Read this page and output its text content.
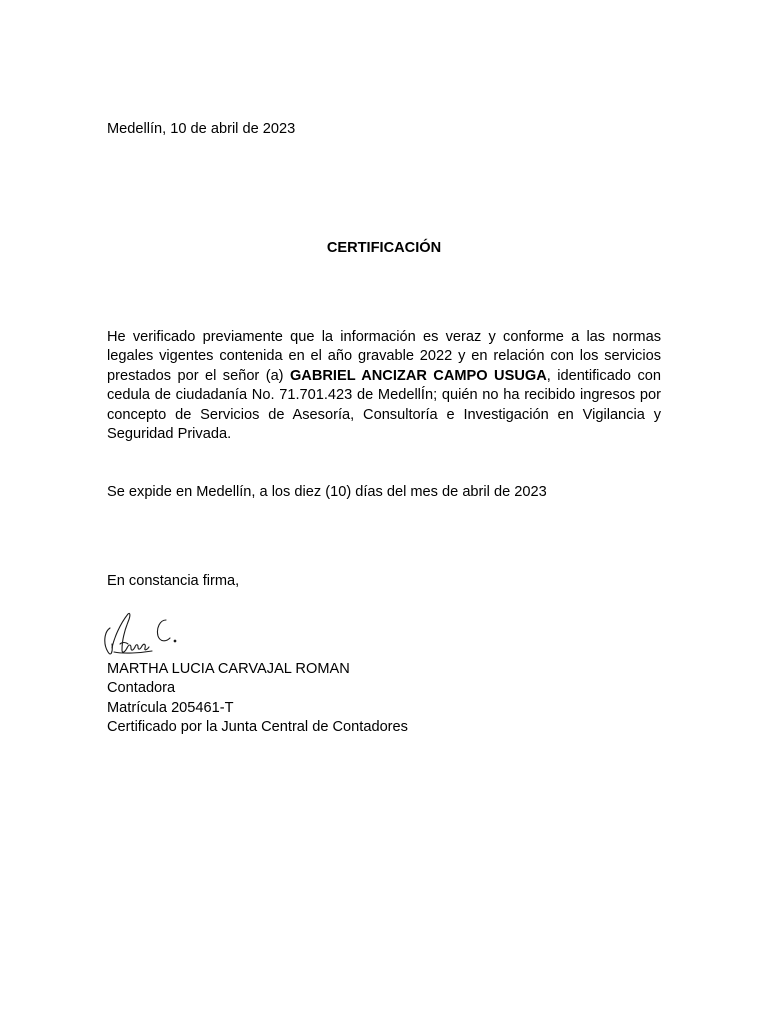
Medellín, 10 de abril de 2023
CERTIFICACIÓN

He verificado previamente que la información es veraz y conforme a las normas legales vigentes contenida en el año gravable 2022 y en relación con los servicios prestados por el señor (a) GABRIEL ANCIZAR CAMPO USUGA, identificado con cedula de ciudadanía No. 71.701.423 de MedellÍn; quién no ha recibido ingresos por concepto de Servicios de Asesoría, Consultoría e Investigación en Vigilancia y Seguridad Privada.

Se expide en Medellín, a los diez (10) días del mes de abril de 2023
En constancia firma,
MARTHA LUCIA CARVAJAL ROMAN
Contadora
Matrícula 205461-T
Certificado por la Junta Central de Contadores
